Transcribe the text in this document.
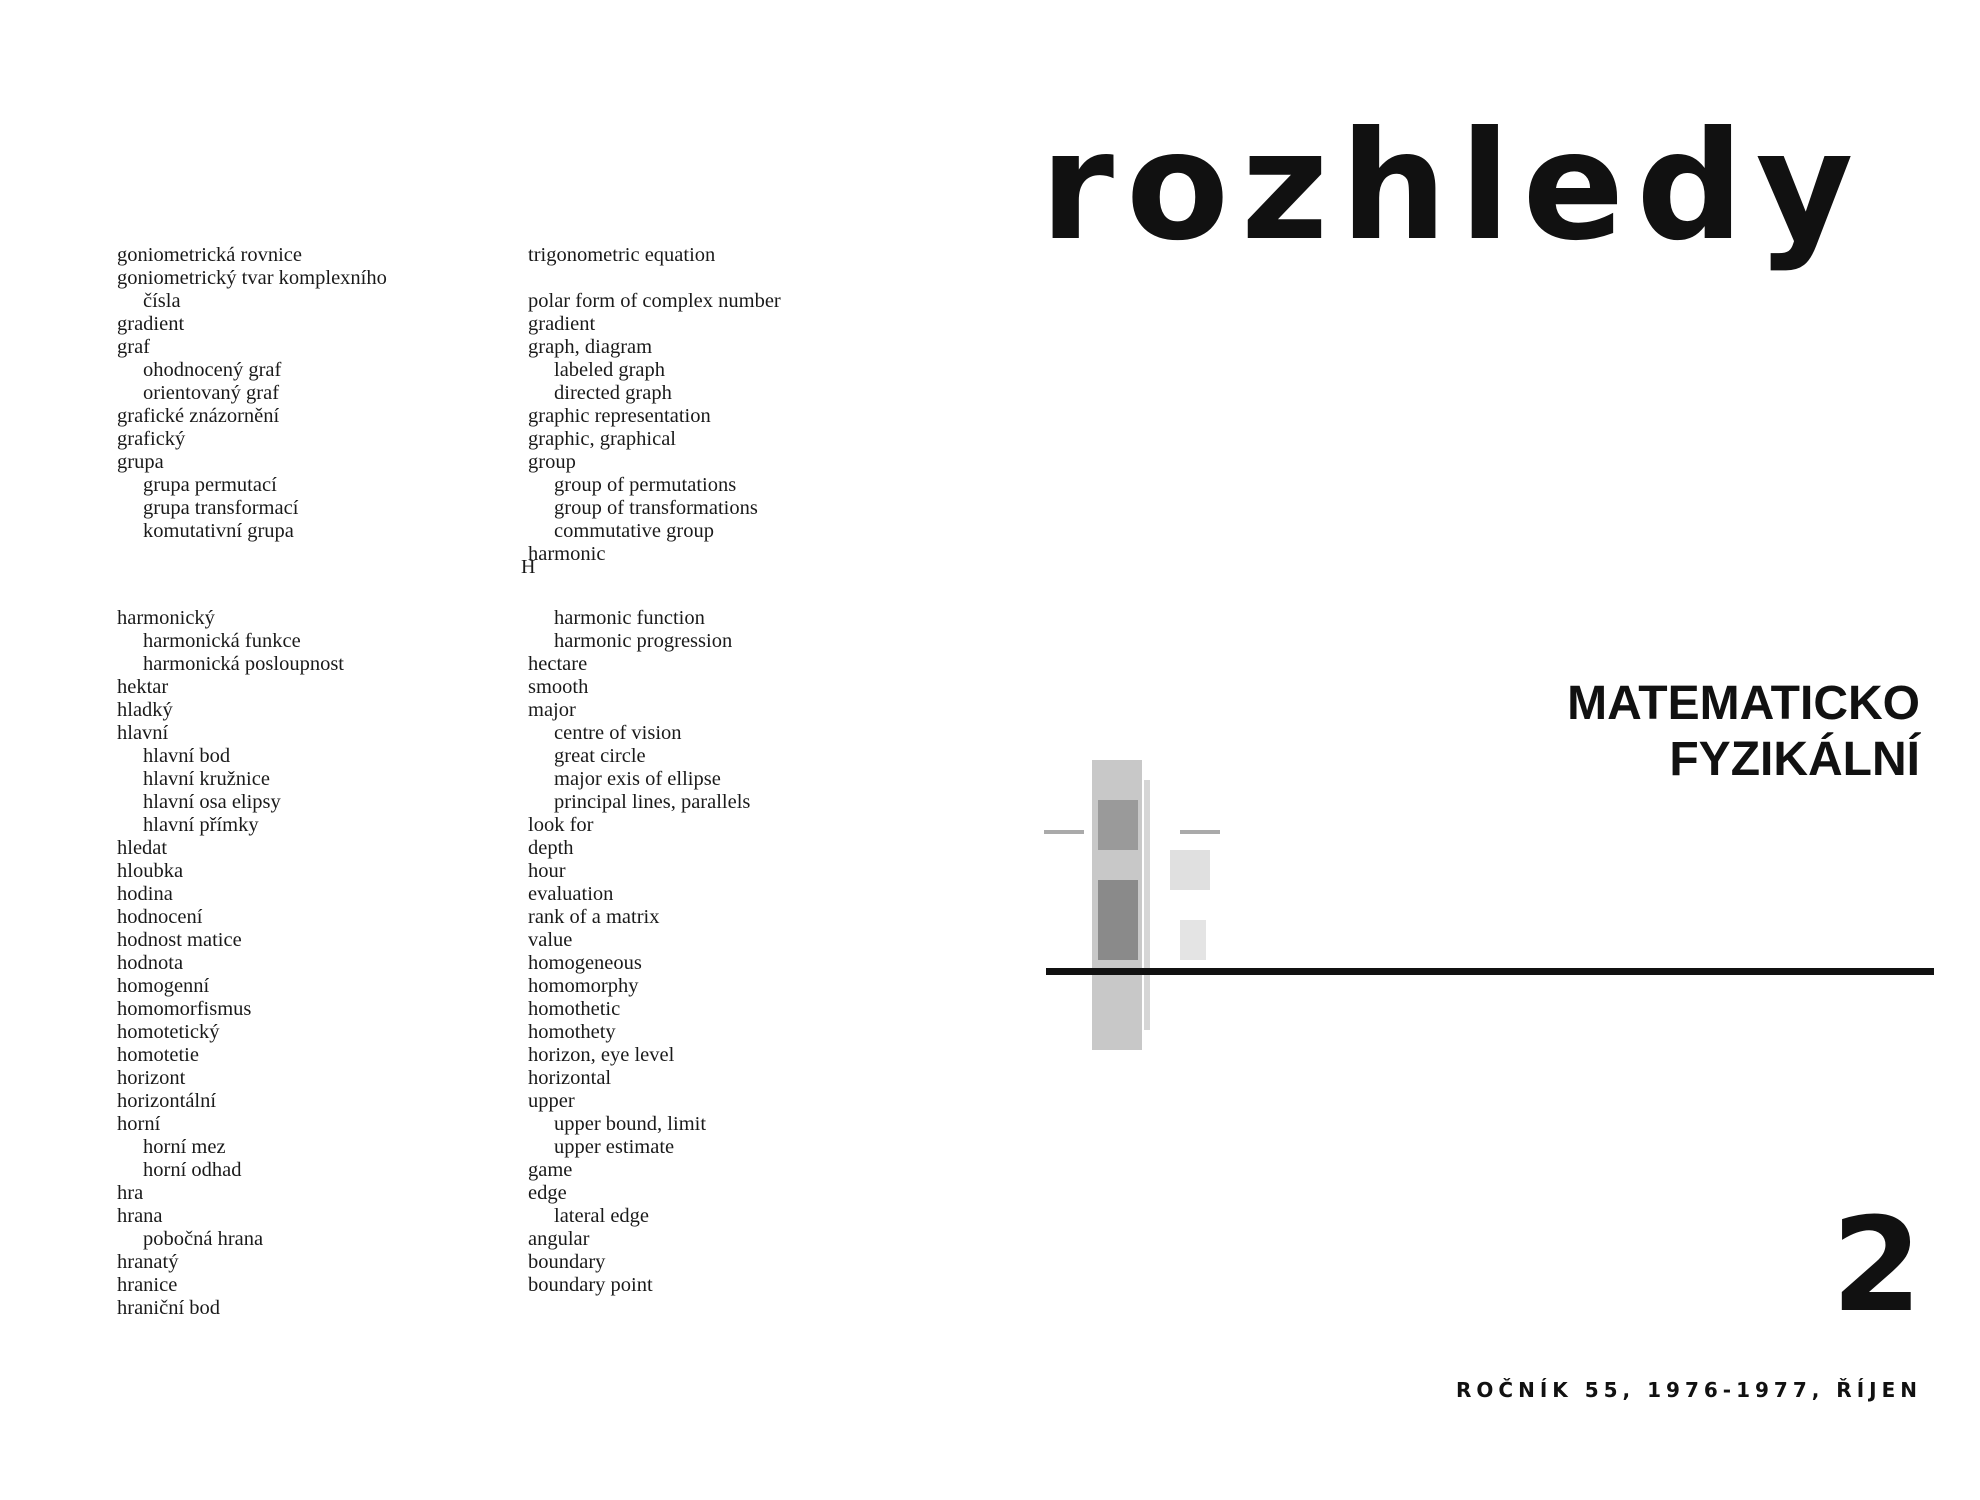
goniometrická rovnice
goniometrický tvar komplexního
čísla
gradient
graf
ohodnocený graf
orientovaný graf
grafické znázornění
grafický
grupa
grupa permutací
grupa transformací
komutativní grupa
harmonický
harmonická funkce
harmonická posloupnost
hektar
hladký
hlavní
hlavní bod
hlavní kružnice
hlavní osa elipsy
hlavní přímky
hledat
hloubka
hodina
hodnocení
hodnost matice
hodnota
homogenní
homomorfismus
homotetický
homotetie
horizont
horizontální
horní
horní mez
horní odhad
hra
hrana
pobočná hrana
hranatý
hranice
hraniční bod
trigonometric equation
polar form of complex number
gradient
graph, diagram
labeled graph
directed graph
graphic representation
graphic, graphical
group
group of permutations
group of transformations
commutative group
harmonic
harmonic function
harmonic progression
hectare
smooth
major
centre of vision
great circle
major exis of ellipse
principal lines, parallels
look for
depth
hour
evaluation
rank of a matrix
value
homogeneous
homomorphy
homothetic
homothety
horizon, eye level
horizontal
upper
upper bound, limit
upper estimate
game
edge
lateral edge
angular
boundary
boundary point
H
rozhledy
MATEMATICKO
FYZIKÁLNÍ
2
ROČNÍK 55, 1976-1977, ŘÍJEN
